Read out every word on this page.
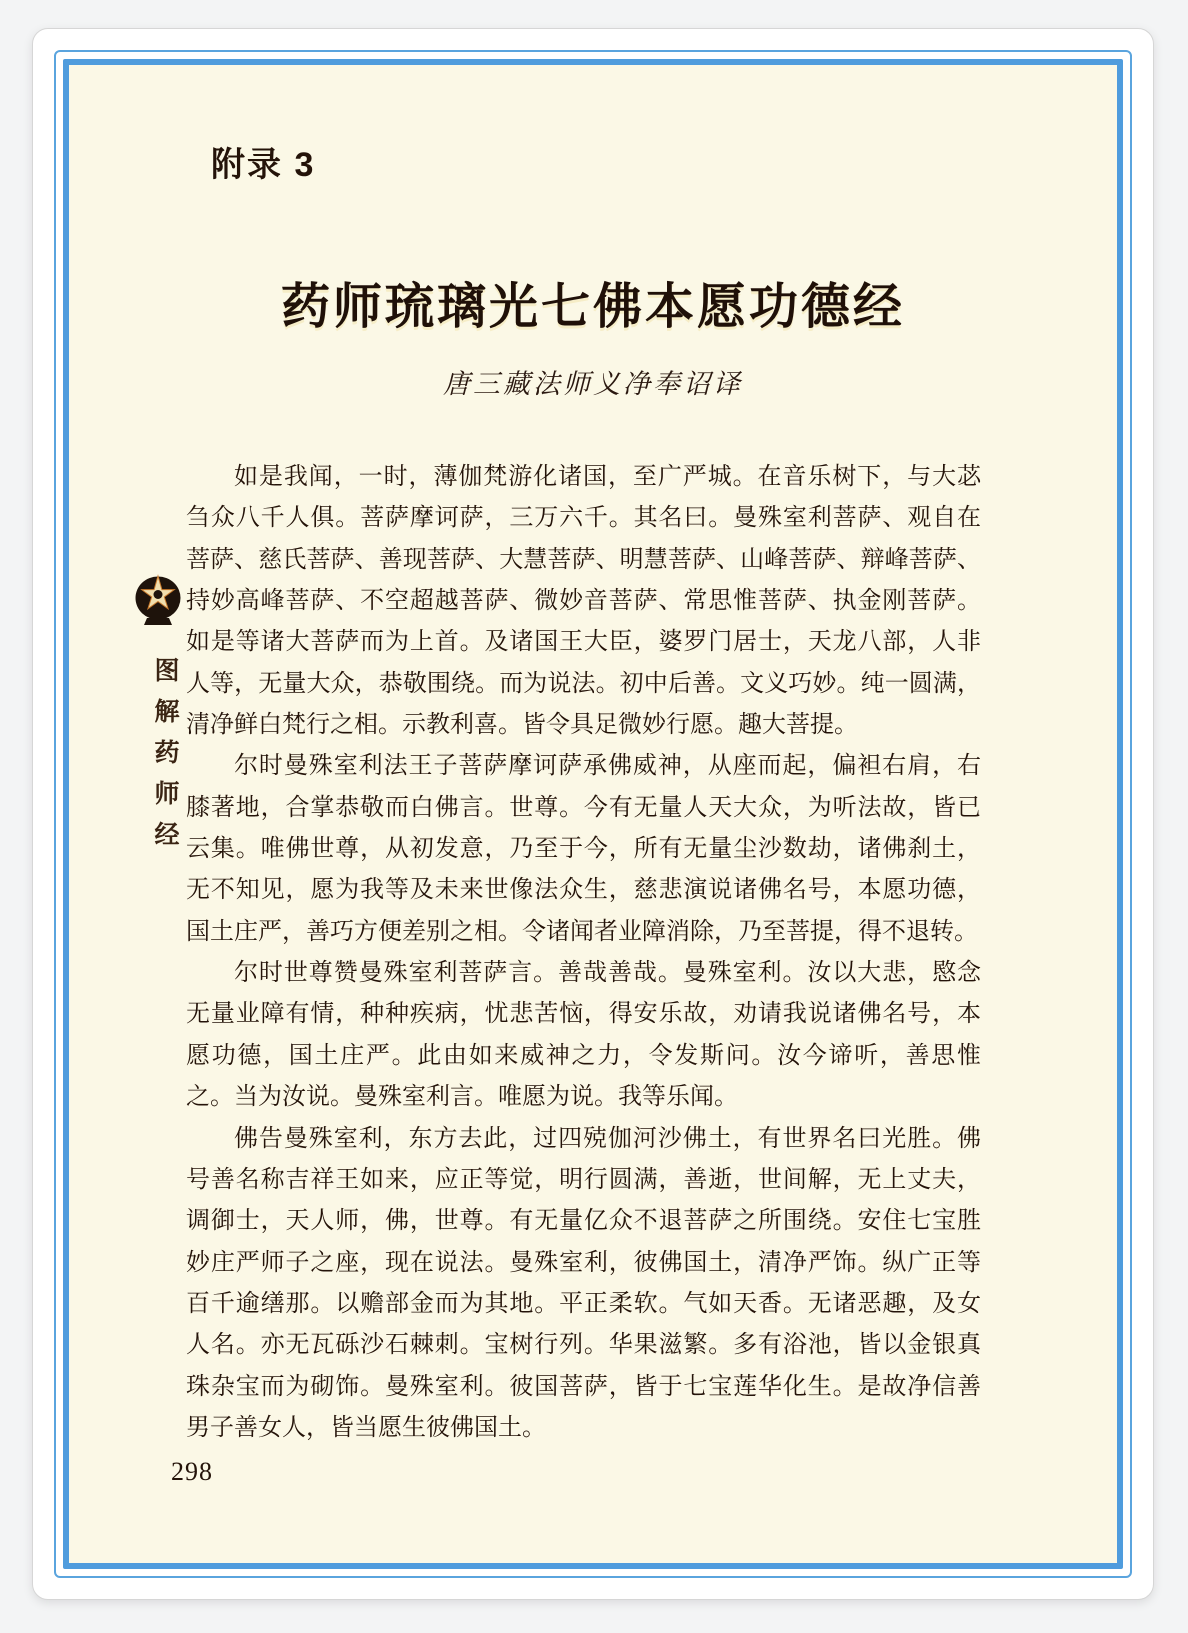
附录 3
药师琉璃光七佛本愿功德经
唐三藏法师义净奉诏译
图解药师经
如是我闻，一时，薄伽梵游化诸国，至广严城。在音乐树下，与大苾
刍众八千人俱。菩萨摩诃萨，三万六千。其名曰。曼殊室利菩萨、观自在
菩萨、慈氏菩萨、善现菩萨、大慧菩萨、明慧菩萨、山峰菩萨、辩峰菩萨、
持妙高峰菩萨、不空超越菩萨、微妙音菩萨、常思惟菩萨、执金刚菩萨。
如是等诸大菩萨而为上首。及诸国王大臣，婆罗门居士，天龙八部，人非
人等，无量大众，恭敬围绕。而为说法。初中后善。文义巧妙。纯一圆满，
清净鲜白梵行之相。示教利喜。皆令具足微妙行愿。趣大菩提。
尔时曼殊室利法王子菩萨摩诃萨承佛威神，从座而起，偏袒右肩，右
膝著地，合掌恭敬而白佛言。世尊。今有无量人天大众，为听法故，皆已
云集。唯佛世尊，从初发意，乃至于今，所有无量尘沙数劫，诸佛刹土，
无不知见，愿为我等及未来世像法众生，慈悲演说诸佛名号，本愿功德，
国土庄严，善巧方便差别之相。令诸闻者业障消除，乃至菩提，得不退转。
尔时世尊赞曼殊室利菩萨言。善哉善哉。曼殊室利。汝以大悲，愍念
无量业障有情，种种疾病，忧悲苦恼，得安乐故，劝请我说诸佛名号，本
愿功德，国土庄严。此由如来威神之力，令发斯问。汝今谛听，善思惟
之。当为汝说。曼殊室利言。唯愿为说。我等乐闻。
佛告曼殊室利，东方去此，过四殑伽河沙佛土，有世界名曰光胜。佛
号善名称吉祥王如来，应正等觉，明行圆满，善逝，世间解，无上丈夫，
调御士，天人师，佛，世尊。有无量亿众不退菩萨之所围绕。安住七宝胜
妙庄严师子之座，现在说法。曼殊室利，彼佛国土，清净严饰。纵广正等
百千逾缮那。以赡部金而为其地。平正柔软。气如天香。无诸恶趣，及女
人名。亦无瓦砾沙石棘刺。宝树行列。华果滋繁。多有浴池，皆以金银真
珠杂宝而为砌饰。曼殊室利。彼国菩萨，皆于七宝莲华化生。是故净信善
男子善女人，皆当愿生彼佛国土。
298
